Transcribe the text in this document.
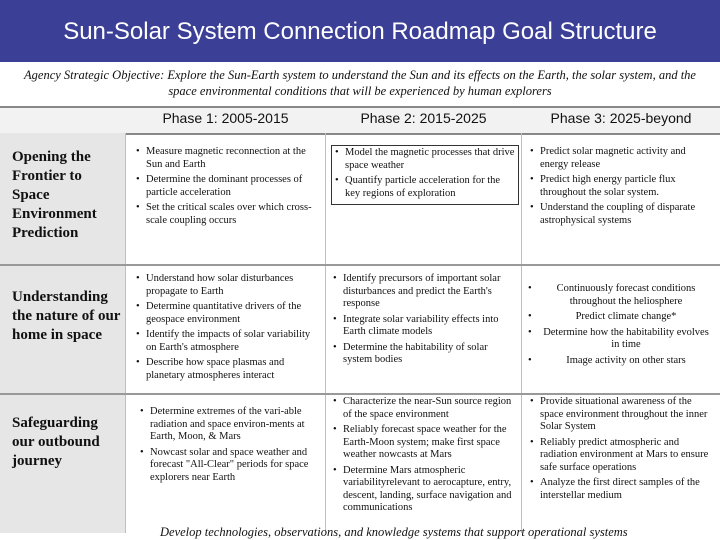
Sun-Solar System Connection Roadmap Goal Structure
Agency Strategic Objective: Explore the Sun-Earth system to understand the Sun and its effects on the Earth, the solar system, and the space environmental conditions that will be experienced by human explorers
Phase 1: 2005-2015	Phase 2: 2015-2025	Phase 3: 2025-beyond
Opening the Frontier to Space Environment Prediction
• Measure magnetic reconnection at the Sun and Earth
• Determine the dominant processes of particle acceleration
• Set the critical scales over which cross- scale coupling occurs
• Model the magnetic processes that drive space weather
• Quantify particle acceleration for the key regions of exploration
• Predict solar magnetic activity and energy release
• Predict high energy particle flux throughout the solar system.
• Understand the coupling of disparate astrophysical systems
Understanding the nature of our home in space
• Understand how solar disturbances propagate to Earth
• Determine quantitative drivers of the geospace environment
• Identify the impacts of solar variability on Earth's atmosphere
• Describe how space plasmas and planetary atmospheres interact
• Identify precursors of important solar disturbances and predict the Earth's response
• Integrate solar variability effects into Earth climate models
• Determine the habitability of solar system bodies
• Continuously forecast conditions throughout the heliosphere
• Predict climate change*
• Determine how the habitability evolves in time
• Image activity on other stars
Safeguarding our outbound journey
• Determine extremes of the vari-able radiation and space environ-ments at Earth, Moon, & Mars
• Nowcast solar and space weather and forecast "All-Clear" periods for space explorers near Earth
• Characterize the near-Sun source region of the space environment
• Reliably forecast space weather for the Earth-Moon system; make first space weather nowcasts at Mars
• Determine Mars atmospheric variabilityrelevant to aerocapture, entry, descent, landing, surface navigation and communications
• Provide situational awareness of the space environment throughout the inner Solar System
• Reliably predict atmospheric and radiation environment at Mars to ensure safe surface operations
• Analyze the first direct samples of the interstellar medium
Develop technologies, observations, and knowledge systems that support operational systems
